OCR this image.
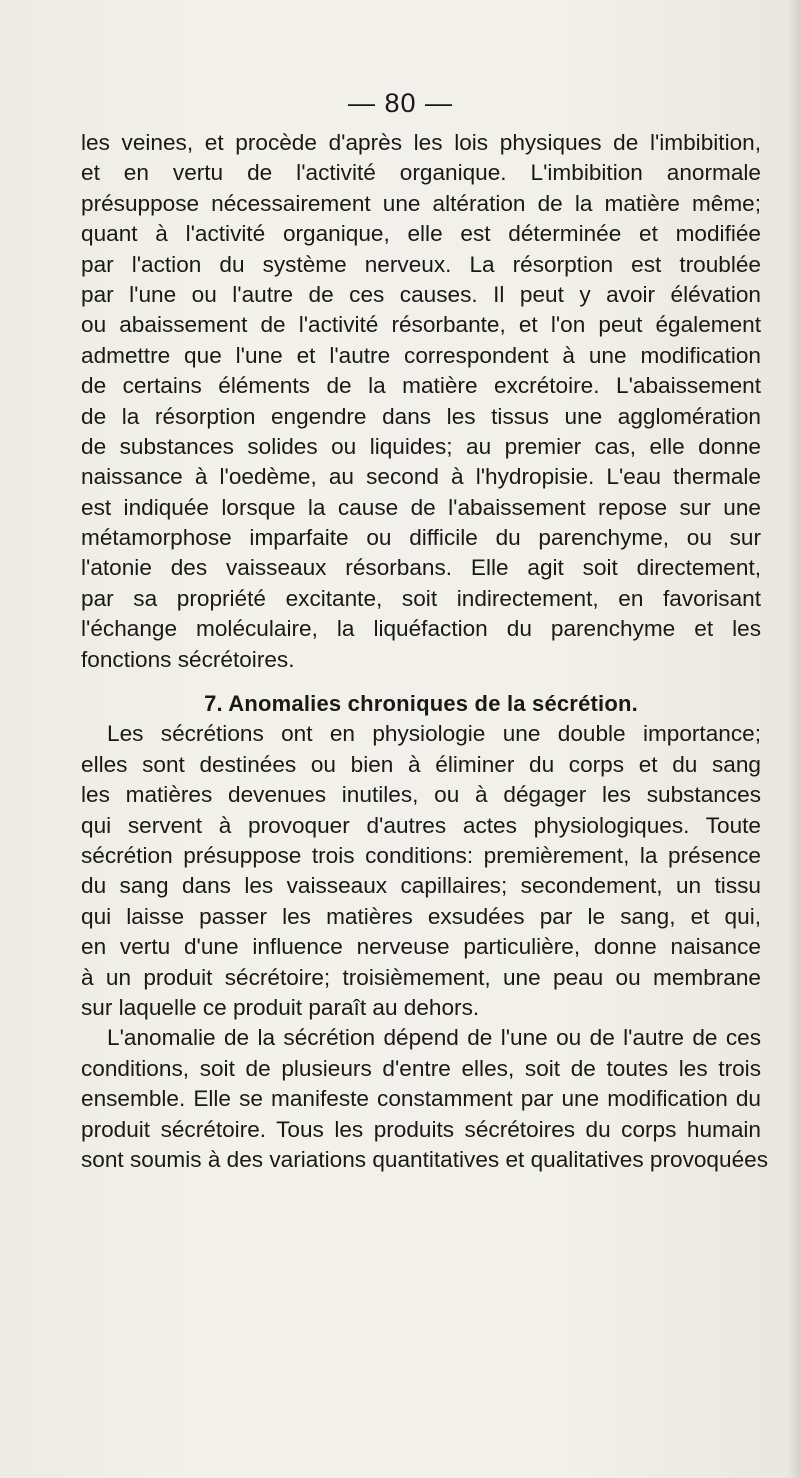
— 80 —
les veines, et procède d'après les lois physiques de l'imbibition,
et en vertu de l'activité organique. L'imbibition anormale
présuppose nécessairement une altération de la matière même;
quant à l'activité organique, elle est déterminée et modifiée
par l'action du système nerveux. La résorption est troublée
par l'une ou l'autre de ces causes. Il peut y avoir élévation
ou abaissement de l'activité résorbante, et l'on peut également
admettre que l'une et l'autre correspondent à une modification
de certains éléments de la matière excrétoire. L'abaissement
de la résorption engendre dans les tissus une agglomération
de substances solides ou liquides; au premier cas, elle donne
naissance à l'oedème, au second à l'hydropisie. L'eau thermale
est indiquée lorsque la cause de l'abaissement repose sur une
métamorphose imparfaite ou difficile du parenchyme, ou sur
l'atonie des vaisseaux résorbans. Elle agit soit directement,
par sa propriété excitante, soit indirectement, en favorisant
l'échange moléculaire, la liquéfaction du parenchyme et les
fonctions sécrétoires.
7. Anomalies chroniques de la sécrétion.
Les sécrétions ont en physiologie une double importance;
elles sont destinées ou bien à éliminer du corps et du sang
les matières devenues inutiles, ou à dégager les substances
qui servent à provoquer d'autres actes physiologiques. Toute
sécrétion présuppose trois conditions: premièrement, la présence
du sang dans les vaisseaux capillaires; secondement, un tissu
qui laisse passer les matières exsudées par le sang, et qui,
en vertu d'une influence nerveuse particulière, donne naisance
à un produit sécrétoire; troisièmement, une peau ou membrane
sur laquelle ce produit paraît au dehors.
L'anomalie de la sécrétion dépend de l'une ou de l'autre de ces
conditions, soit de plusieurs d'entre elles, soit de toutes les trois
ensemble. Elle se manifeste constamment par une modification du
produit sécrétoire. Tous les produits sécrétoires du corps humain
sont soumis à des variations quantitatives et qualitatives provoquées
